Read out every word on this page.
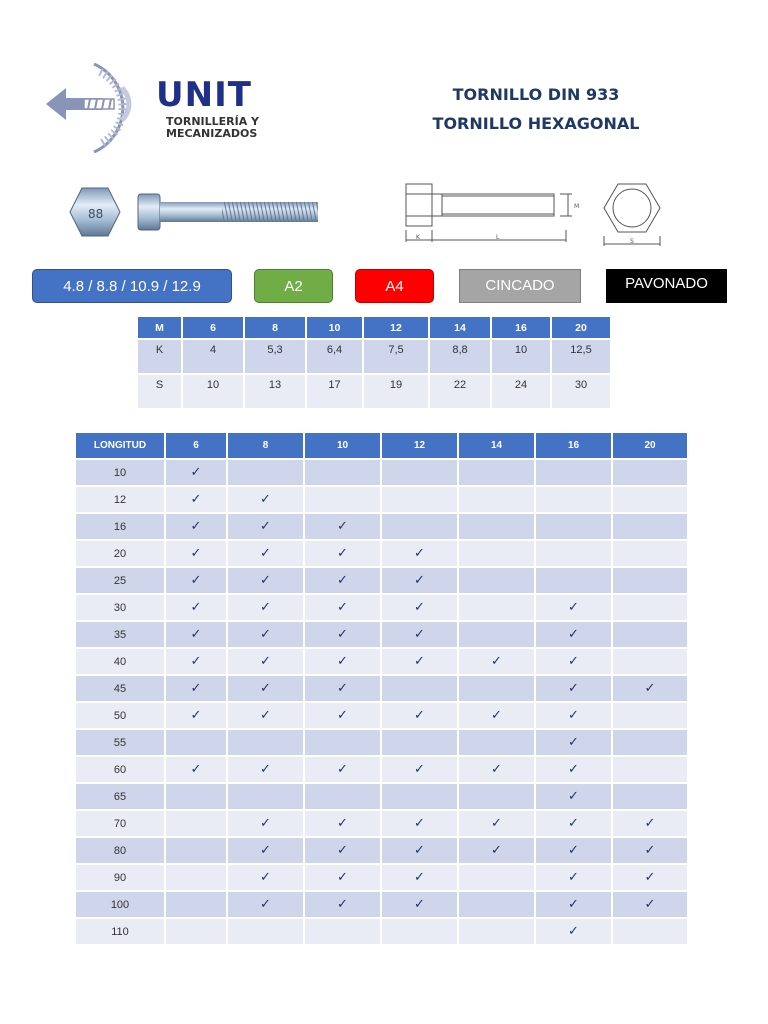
UNIT
TORNILLERÍA Y
MECANIZADOS
TORNILLO DIN 933
TORNILLO HEXAGONAL
88
K	L
M
S
4.8 / 8.8 / 10.9 / 12.9	A2	A4	CINCADO	PAVONADO
M	6	8	10	12	14	16	20
K	4	5,3	6,4	7,5	8,8	10	12,5
S	10	13	17	19	22	24	30
LONGITUD	6	8	10	12	14	16	20
10	✓						
12	✓	✓					
16	✓	✓	✓				
20	✓	✓	✓	✓			
25	✓	✓	✓	✓			
30	✓	✓	✓	✓		✓	
35	✓	✓	✓	✓		✓	
40	✓	✓	✓	✓	✓	✓	
45	✓	✓	✓			✓	✓
50	✓	✓	✓	✓	✓	✓	
55						✓	
60	✓	✓	✓	✓	✓	✓	
65						✓	
70		✓	✓	✓	✓	✓	✓
80		✓	✓	✓	✓	✓	✓
90		✓	✓	✓		✓	✓
100		✓	✓	✓		✓	✓
110						✓	
